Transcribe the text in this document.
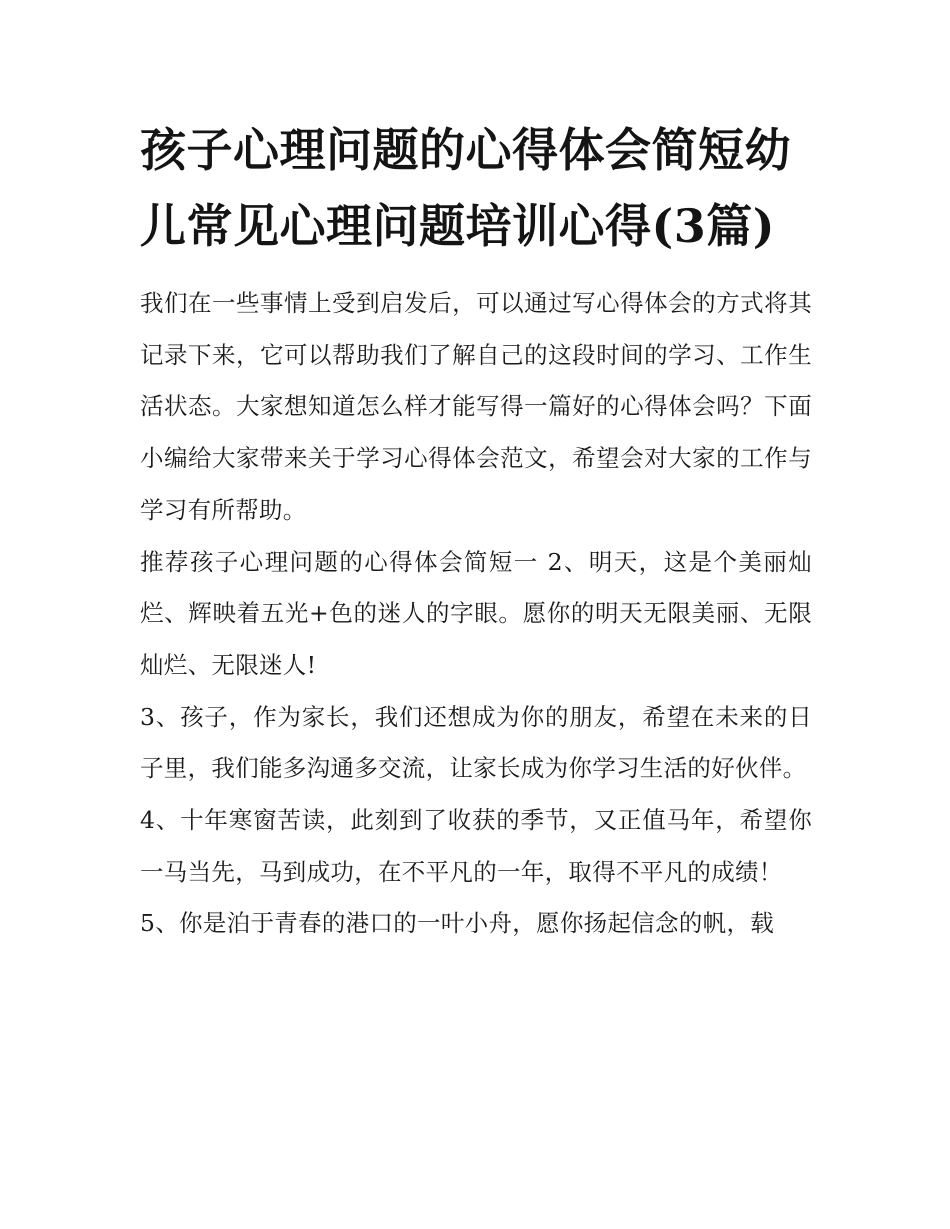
孩子心理问题的心得体会简短幼儿常见心理问题培训心得(3篇)

我们在一些事情上受到启发后，可以通过写心得体会的方式将其记录下来，它可以帮助我们了解自己的这段时间的学习、工作生活状态。大家想知道怎么样才能写得一篇好的心得体会吗？下面小编给大家带来关于学习心得体会范文，希望会对大家的工作与学习有所帮助。

推荐孩子心理问题的心得体会简短一 2、明天，这是个美丽灿烂、辉映着五光+色的迷人的字眼。愿你的明天无限美丽、无限灿烂、无限迷人!

3、孩子，作为家长，我们还想成为你的朋友，希望在未来的日子里，我们能多沟通多交流，让家长成为你学习生活的好伙伴。

4、十年寒窗苦读，此刻到了收获的季节，又正值马年，希望你一马当先，马到成功，在不平凡的一年，取得不平凡的成绩！

5、你是泊于青春的港口的一叶小舟，愿你扬起信念的帆，载
